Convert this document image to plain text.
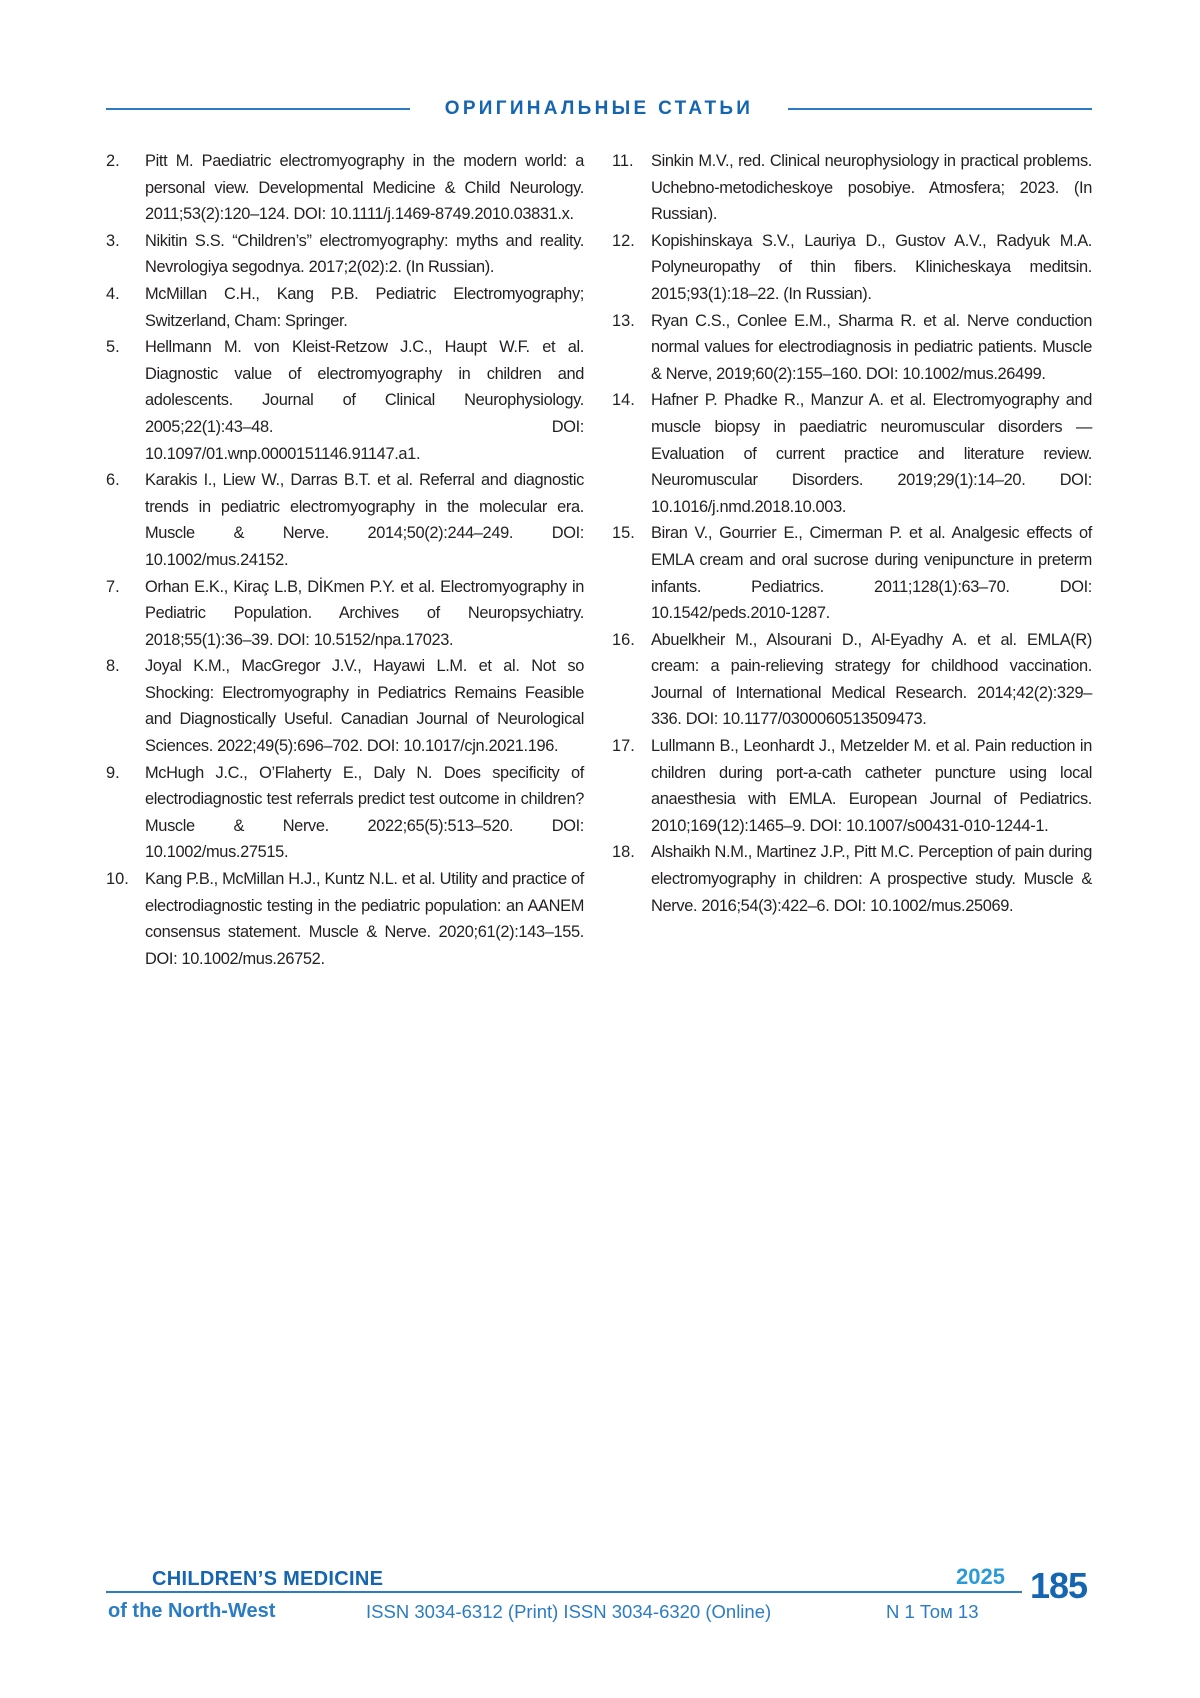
ОРИГИНАЛЬНЫЕ СТАТЬИ
2. Pitt M. Paediatric electromyography in the modern world: a personal view. Developmental Medicine & Child Neurology. 2011;53(2):120–124. DOI: 10.1111/j.1469-8749.2010.03831.x.
3. Nikitin S.S. “Children’s” electromyography: myths and reality. Nevrologiya segodnya. 2017;2(02):2. (In Russian).
4. McMillan C.H., Kang P.B. Pediatric Electromyography; Switzerland, Cham: Springer.
5. Hellmann M. von Kleist-Retzow J.C., Haupt W.F. et al. Diagnostic value of electromyography in children and adolescents. Journal of Clinical Neurophysiology. 2005;22(1):43–48. DOI: 10.1097/01.wnp.0000151146.91147.a1.
6. Karakis I., Liew W., Darras B.T. et al. Referral and diagnostic trends in pediatric electromyography in the molecular era. Muscle & Nerve. 2014;50(2):244–249. DOI: 10.1002/mus.24152.
7. Orhan E.K., Kiraç L.B, DİKmen P.Y. et al. Electromyography in Pediatric Population. Archives of Neuropsychiatry. 2018;55(1):36–39. DOI: 10.5152/npa.17023.
8. Joyal K.M., MacGregor J.V., Hayawi L.M. et al. Not so Shocking: Electromyography in Pediatrics Remains Feasible and Diagnostically Useful. Canadian Journal of Neurological Sciences. 2022;49(5):696–702. DOI: 10.1017/cjn.2021.196.
9. McHugh J.C., O’Flaherty E., Daly N. Does specificity of electrodiagnostic test referrals predict test outcome in children? Muscle & Nerve. 2022;65(5):513–520. DOI: 10.1002/mus.27515.
10. Kang P.B., McMillan H.J., Kuntz N.L. et al. Utility and practice of electrodiagnostic testing in the pediatric population: an AANEM consensus statement. Muscle & Nerve. 2020;61(2):143–155. DOI: 10.1002/mus.26752.
11. Sinkin M.V., red. Clinical neurophysiology in practical problems. Uchebno-metodicheskoye posobiye. Atmosfera; 2023. (In Russian).
12. Kopishinskaya S.V., Lauriya D., Gustov A.V., Radyuk M.A. Polyneuropathy of thin fibers. Klinicheskaya meditsin. 2015;93(1):18–22. (In Russian).
13. Ryan C.S., Conlee E.M., Sharma R. et al. Nerve conduction normal values for electrodiagnosis in pediatric patients. Muscle & Nerve, 2019;60(2):155–160. DOI: 10.1002/mus.26499.
14. Hafner P. Phadke R., Manzur A. et al. Electromyography and muscle biopsy in paediatric neuromuscular disorders — Evaluation of current practice and literature review. Neuromuscular Disorders. 2019;29(1):14–20. DOI: 10.1016/j.nmd.2018.10.003.
15. Biran V., Gourrier E., Cimerman P. et al. Analgesic effects of EMLA cream and oral sucrose during venipuncture in preterm infants. Pediatrics. 2011;128(1):63–70. DOI: 10.1542/peds.2010-1287.
16. Abuelkheir M., Alsourani D., Al-Eyadhy A. et al. EMLA(R) cream: a pain-relieving strategy for childhood vaccination. Journal of International Medical Research. 2014;42(2):329–336. DOI: 10.1177/0300060513509473.
17. Lullmann B., Leonhardt J., Metzelder M. et al. Pain reduction in children during port-a-cath catheter puncture using local anaesthesia with EMLA. European Journal of Pediatrics. 2010;169(12):1465–9. DOI: 10.1007/s00431-010-1244-1.
18. Alshaikh N.M., Martinez J.P., Pitt M.C. Perception of pain during electromyography in children: A prospective study. Muscle & Nerve. 2016;54(3):422–6. DOI: 10.1002/mus.25069.
CHILDREN’S MEDICINE
of the North-West	ISSN 3034-6312 (Print) ISSN 3034-6320 (Online)
2025
N 1 Том 13
185
